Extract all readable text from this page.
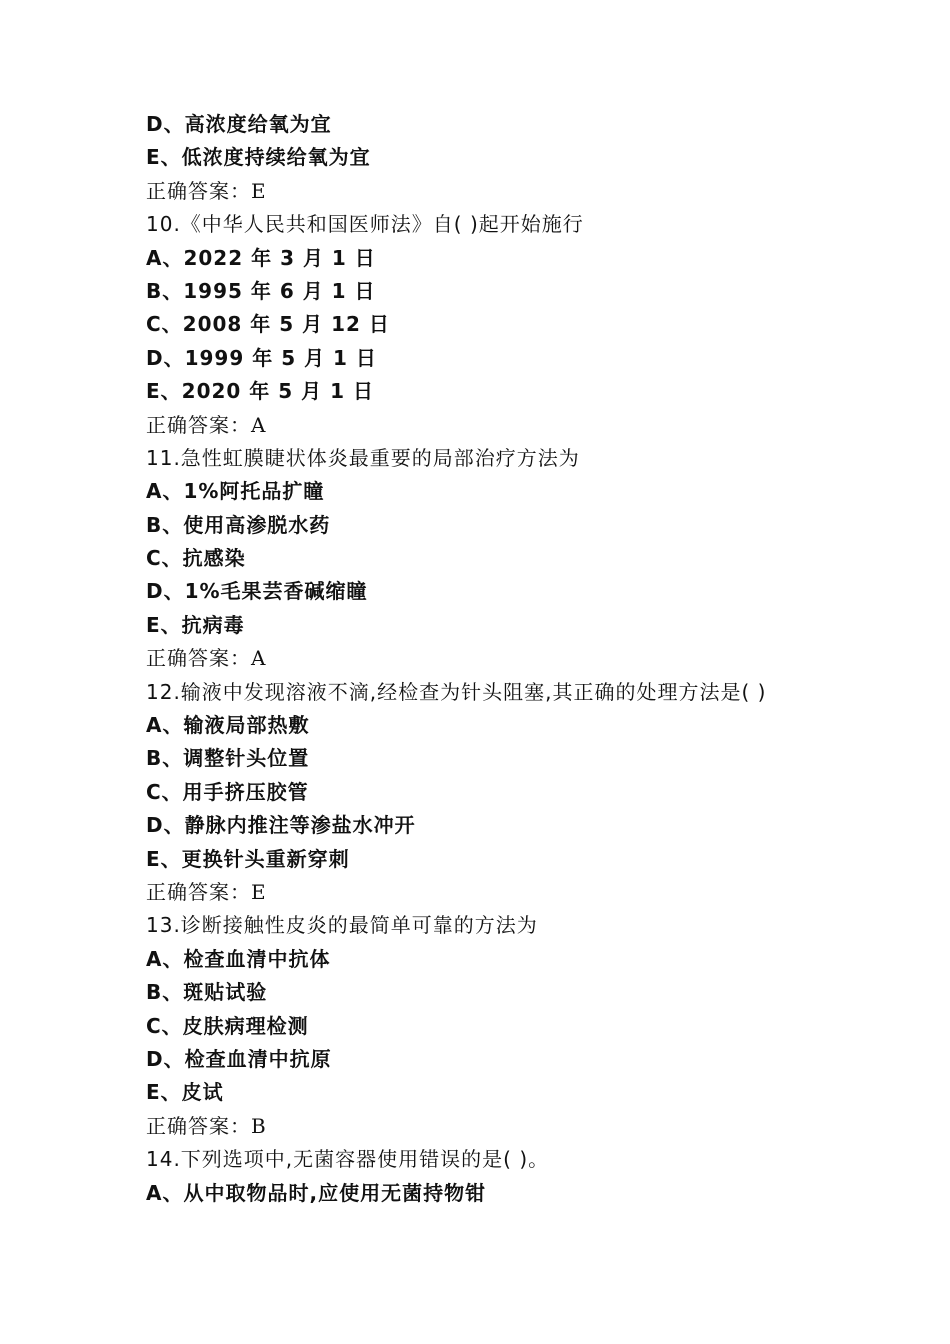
D、高浓度给氧为宜
E、低浓度持续给氧为宜
正确答案：E
10.《中华人民共和国医师法》自( )起开始施行
A、2022 年 3 月 1 日
B、1995 年 6 月 1 日
C、2008 年 5 月 12 日
D、1999 年 5 月 1 日
E、2020 年 5 月 1 日
正确答案：A
11.急性虹膜睫状体炎最重要的局部治疗方法为
A、1%阿托品扩瞳
B、使用高渗脱水药
C、抗感染
D、1%毛果芸香碱缩瞳
E、抗病毒
正确答案：A
12.输液中发现溶液不滴,经检查为针头阻塞,其正确的处理方法是( )
A、输液局部热敷
B、调整针头位置
C、用手挤压胶管
D、静脉内推注等渗盐水冲开
E、更换针头重新穿刺
正确答案：E
13.诊断接触性皮炎的最简单可靠的方法为
A、检查血清中抗体
B、斑贴试验
C、皮肤病理检测
D、检查血清中抗原
E、皮试
正确答案：B
14.下列选项中,无菌容器使用错误的是( )。
A、从中取物品时,应使用无菌持物钳
